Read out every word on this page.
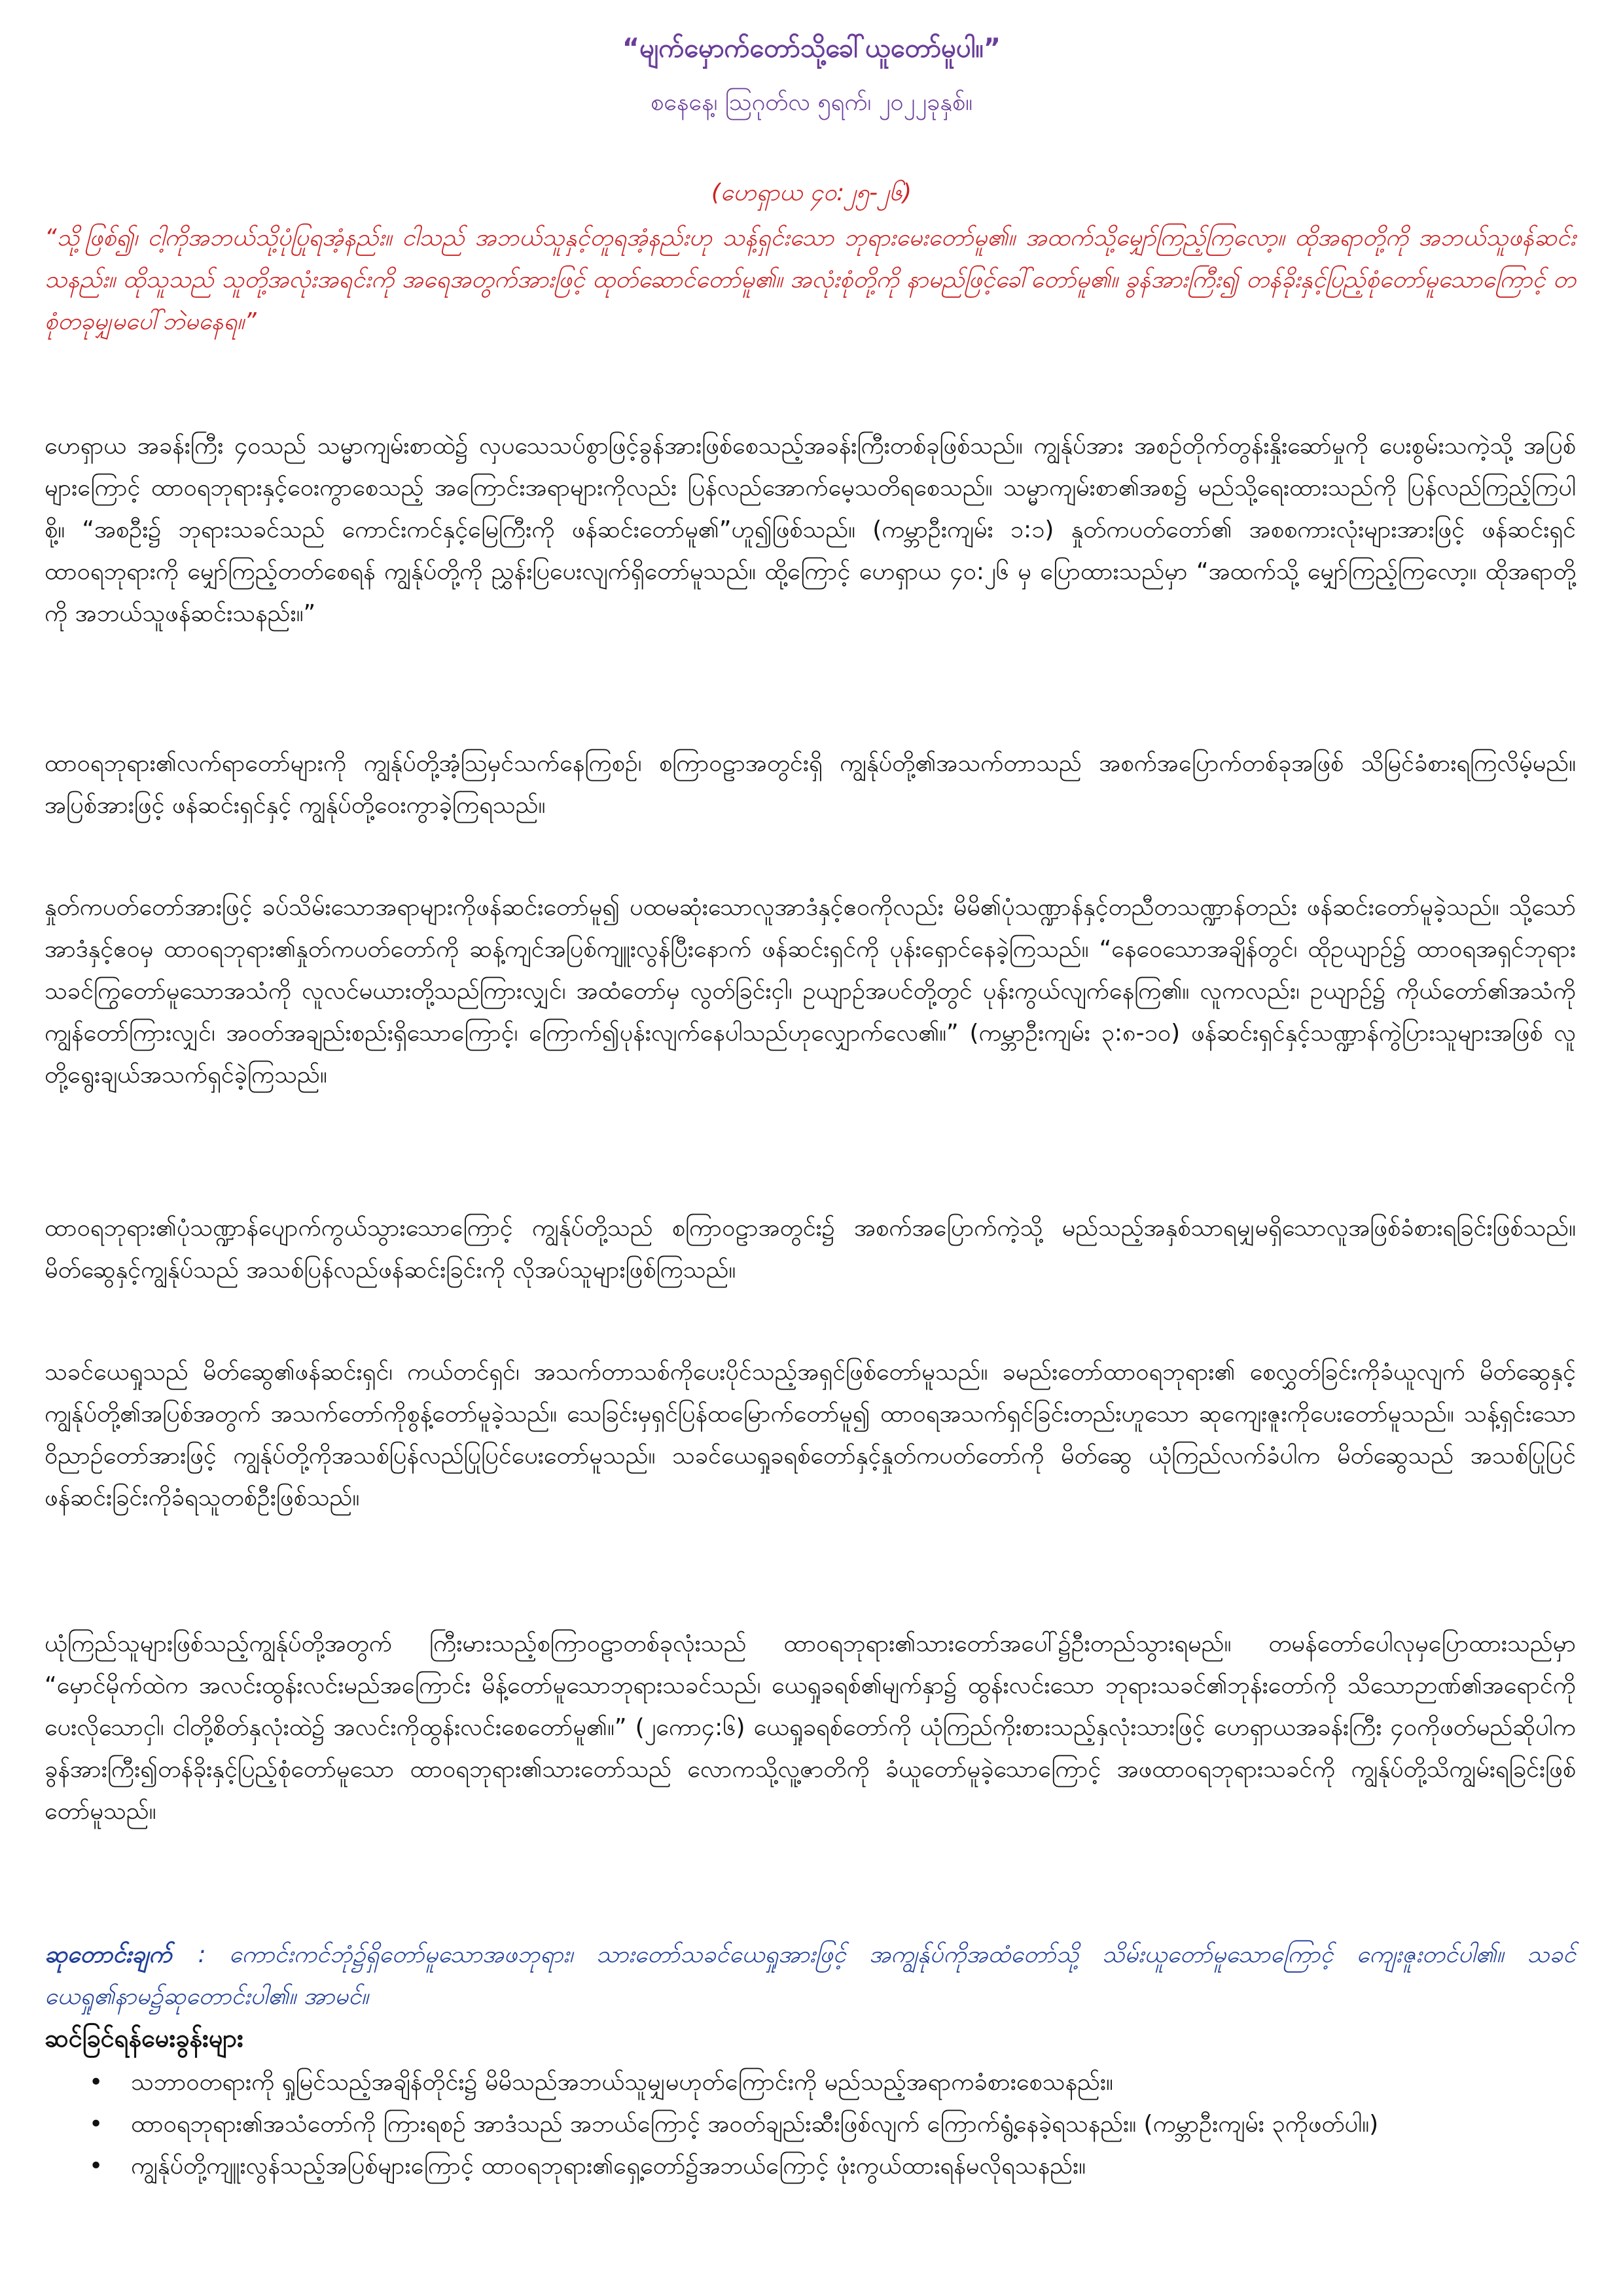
“မျက်မှောက်တော်သို့ခေါ်ယူတော်မူပါ။”
စနေနေ့၊ ဩဂုတ်လ ၅ရက်၊ ၂၀၂၂ခုနှစ်။
(ဟေရှာယ ၄၀:၂၅-၂၆)
“သို့ဖြစ်၍၊ ငါ့ကိုအဘယ်သို့ပုံပြုရအံ့နည်း။ ငါသည် အဘယ်သူနှင့်တူရအံ့နည်းဟု သန့်ရှင်းသော ဘုရားမေးတော်မူ၏။ အထက်သို့မျှော်ကြည့်ကြလော့။ ထိုအရာတို့ကို အဘယ်သူဖန်ဆင်းသနည်း။ ထိုသူသည် သူတို့အလုံးအရင်းကို အရေအတွက်အားဖြင့် ထုတ်ဆောင်တော်မူ၏။ အလုံးစုံတို့ကို နာမည်ဖြင့်ခေါ်တော်မူ၏။ ခွန်အားကြီး၍ တန်ခိုးနှင့်ပြည့်စုံတော်မူသောကြောင့် တစုံတခုမျှမပေါ်ဘဲမနေရ။”

ဟေရှာယ အခန်းကြီး ၄၀သည် သမ္မာကျမ်းစာထဲ၌ လှပသေသပ်စွာဖြင့်ခွန်အားဖြစ်စေသည့်အခန်းကြီးတစ်ခုဖြစ်သည်။ ကျွန်ုပ်အား အစဉ်တိုက်တွန်းနှိုးဆော်မှုကို ပေးစွမ်းသကဲ့သို့ အပြစ်များကြောင့် ထာဝရဘုရားနှင့်ဝေးကွာစေသည့် အကြောင်းအရာများကိုလည်း ပြန်လည်အောက်မေ့သတိရစေသည်။ သမ္မာကျမ်းစာ၏အစ၌ မည်သို့ရေးထားသည်ကို ပြန်လည်ကြည့်ကြပါစို့။ “အစဦး၌ ဘုရားသခင်သည် ကောင်းကင်နှင့်မြေကြီးကို ဖန်ဆင်းတော်မူ၏”ဟူ၍ဖြစ်သည်။ (ကမ္ဘာဦးကျမ်း ၁:၁) နှုတ်ကပတ်တော်၏ အစစကားလုံးများအားဖြင့် ဖန်ဆင်းရှင်ထာဝရဘုရားကို မျှော်ကြည့်တတ်စေရန် ကျွန်ုပ်တို့ကို ညွှန်းပြပေးလျက်ရှိတော်မူသည်။ ထို့ကြောင့် ဟေရှာယ ၄၀:၂၆ မှ ပြောထားသည်မှာ “အထက်သို့ မျှော်ကြည့်ကြလော့။ ထိုအရာတို့ကို အဘယ်သူဖန်ဆင်းသနည်း။”

ထာဝရဘုရား၏လက်ရာတော်များကို ကျွန်ုပ်တို့အံ့ဩမှင်သက်နေကြစဉ်၊ စကြာဝဠာအတွင်းရှိ ကျွန်ုပ်တို့၏အသက်တာသည် အစက်အပြောက်တစ်ခုအဖြစ် သိမြင်ခံစားရကြလိမ့်မည်။ အပြစ်အားဖြင့် ဖန်ဆင်းရှင်နှင့် ကျွန်ုပ်တို့ဝေးကွာခဲ့ကြရသည်။

နှုတ်ကပတ်တော်အားဖြင့် ခပ်သိမ်းသောအရာများကိုဖန်ဆင်းတော်မူ၍ ပထမဆုံးသောလူအာဒံနှင့်ဧဝကိုလည်း မိမိ၏ပုံသဏ္ဍာန်နှင့်တညီတသဏ္ဍာန်တည်း ဖန်ဆင်းတော်မူခဲ့သည်။ သို့သော် အာဒံနှင့်ဧဝမှ ထာဝရဘုရား၏နှုတ်ကပတ်တော်ကို ဆန့်ကျင်အပြစ်ကျူးလွန်ပြီးနောက် ဖန်ဆင်းရှင်ကို ပုန်းရှောင်နေခဲ့ကြသည်။ “နေဝေသောအချိန်တွင်၊ ထိုဥယျာဉ်၌ ထာဝရအရှင်ဘုရားသခင်ကြွတော်မူသောအသံကို လူလင်မယားတို့သည်ကြားလျှင်၊ အထံတော်မှ လွတ်ခြင်းငှါ၊ ဥယျာဉ်အပင်တို့တွင် ပုန်းကွယ်လျက်နေကြ၏။ လူကလည်း၊ ဥယျာဉ်၌ ကိုယ်တော်၏အသံကို ကျွန်တော်ကြားလျှင်၊ အဝတ်အချည်းစည်းရှိသောကြောင့်၊ ကြောက်၍ပုန်းလျက်နေပါသည်ဟုလျှောက်လေ၏။” (ကမ္ဘာဦးကျမ်း ၃:၈-၁၀) ဖန်ဆင်းရှင်နှင့်သဏ္ဍာန်ကွဲပြားသူများအဖြစ် လူတို့ရွေးချယ်အသက်ရှင်ခဲ့ကြသည်။

ထာဝရဘုရား၏ပုံသဏ္ဍာန်ပျောက်ကွယ်သွားသောကြောင့် ကျွန်ုပ်တို့သည် စကြာဝဠာအတွင်း၌ အစက်အပြောက်ကဲ့သို့ မည်သည့်အနှစ်သာရမျှမရှိသောလူအဖြစ်ခံစားရခြင်းဖြစ်သည်။ မိတ်ဆွေနှင့်ကျွန်ုပ်သည် အသစ်ပြန်လည်ဖန်ဆင်းခြင်းကို လိုအပ်သူများဖြစ်ကြသည်။

သခင်ယေရှုသည် မိတ်ဆွေ၏ဖန်ဆင်းရှင်၊ ကယ်တင်ရှင်၊ အသက်တာသစ်ကိုပေးပိုင်သည့်အရှင်ဖြစ်တော်မူသည်။ ခမည်းတော်ထာဝရဘုရား၏ စေလွှတ်ခြင်းကိုခံယူလျက် မိတ်ဆွေနှင့်ကျွန်ုပ်တို့၏အပြစ်အတွက် အသက်တော်ကိုစွန့်တော်မူခဲ့သည်။ သေခြင်းမှရှင်ပြန်ထမြောက်တော်မူ၍ ထာဝရအသက်ရှင်ခြင်းတည်းဟူသော ဆုကျေးဇူးကိုပေးတော်မူသည်။ သန့်ရှင်းသောဝိညာဉ်တော်အားဖြင့် ကျွန်ုပ်တို့ကိုအသစ်ပြန်လည်ပြုပြင်ပေးတော်မူသည်။ သခင်ယေရှုခရစ်တော်နှင့်နှုတ်ကပတ်တော်ကို မိတ်ဆွေ ယုံကြည်လက်ခံပါက မိတ်ဆွေသည် အသစ်ပြုပြင်ဖန်ဆင်းခြင်းကိုခံရသူတစ်ဦးဖြစ်သည်။

ယုံကြည်သူများဖြစ်သည့်ကျွန်ုပ်တို့အတွက် ကြီးမားသည့်စကြာဝဠာတစ်ခုလုံးသည် ထာဝရဘုရား၏သားတော်အပေါ်၌ဦးတည်သွားရမည်။ တမန်တော်ပေါလုမှပြောထားသည်မှာ “မှောင်မိုက်ထဲက အလင်းထွန်းလင်းမည်အကြောင်း မိန့်တော်မူသောဘုရားသခင်သည်၊ ယေရှုခရစ်၏မျက်နှာ၌ ထွန်းလင်းသော ဘုရားသခင်၏ဘုန်းတော်ကို သိသောဉာဏ်၏အရောင်ကိုပေးလိုသောငှါ၊ ငါတို့စိတ်နှလုံးထဲ၌ အလင်းကိုထွန်းလင်းစေတော်မူ၏။” (၂ကော၄:၆) ယေရှုခရစ်တော်ကို ယုံကြည်ကိုးစားသည့်နှလုံးသားဖြင့် ဟေရှာယအခန်းကြီး ၄၀ကိုဖတ်မည်ဆိုပါက ခွန်အားကြီး၍တန်ခိုးနှင့်ပြည့်စုံတော်မူသော ထာဝရဘုရား၏သားတော်သည် လောကသို့လူ့ဇာတိကို ခံယူတော်မူခဲ့သောကြောင့် အဖထာဝရဘုရားသခင်ကို ကျွန်ုပ်တို့သိကျွမ်းရခြင်းဖြစ်တော်မူသည်။

ဆုတောင်းချက် : ကောင်းကင်ဘုံ၌ရှိတော်မူသောအဖဘုရား၊ သားတော်သခင်ယေရှုအားဖြင့် အကျွန်ုပ်ကိုအထံတော်သို့ သိမ်းယူတော်မူသောကြောင့် ကျေးဇူးတင်ပါ၏။ သခင်ယေရှု၏နာမ၌ဆုတောင်းပါ၏။ အာမင်။
ဆင်ခြင်ရန်မေးခွန်းများ
• သဘာဝတရားကို ရှုမြင်သည့်အချိန်တိုင်း၌ မိမိသည်အဘယ်သူမျှမဟုတ်ကြောင်းကို မည်သည့်အရာကခံစားစေသနည်း။
• ထာဝရဘုရား၏အသံတော်ကို ကြားရစဉ် အာဒံသည် အဘယ်ကြောင့် အဝတ်ချည်းဆီးဖြစ်လျက် ကြောက်ရွံ့နေခဲ့ရသနည်း။ (ကမ္ဘာဦးကျမ်း ၃ကိုဖတ်ပါ။)
• ကျွန်ုပ်တို့ကျူးလွန်သည့်အပြစ်များကြောင့် ထာဝရဘုရား၏ရှေ့တော်၌အဘယ်ကြောင့် ဖုံးကွယ်ထားရန်မလိုရသနည်း။
